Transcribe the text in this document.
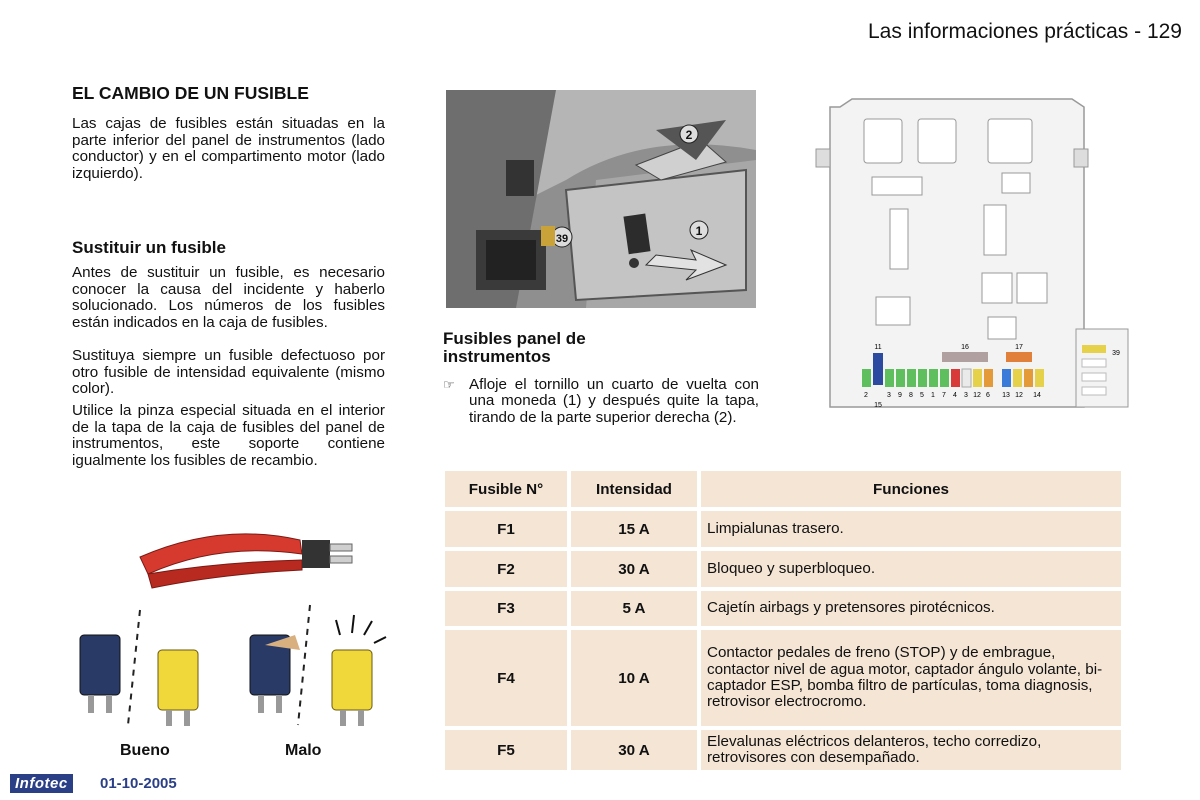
Las informaciones prácticas - 129
EL CAMBIO DE UN FUSIBLE
Las cajas de fusibles están situadas en la parte inferior del panel de instrumentos (lado conductor) y en el compartimento motor (lado izquierdo).
Sustituir un fusible
Antes de sustituir un fusible, es necesario conocer la causa del incidente y haberlo solucionado. Los números de los fusibles están indicados en la caja de fusibles.
Sustituya siempre un fusible defectuoso por otro fusible de intensidad equivalente (mismo color).
Utilice la pinza especial situada en el interior de la tapa de la caja de fusibles del panel de instrumentos, este soporte contiene igualmente los fusibles de recambio.
2
1
39
16	17
11
2	3 9 8 5 1 7 4 3 12 6 13 12 14
15
39
Fusibles panel de instrumentos
☞ Afloje el tornillo un cuarto de vuelta con una moneda (1) y después quite la tapa, tirando de la parte superior derecha (2).
Fusible N°	Intensidad	Funciones
F1	15 A	Limpialunas trasero.
F2	30 A	Bloqueo y superbloqueo.
F3	5 A	Cajetín airbags y pretensores pirotécnicos.
F4	10 A	Contactor pedales de freno (STOP) y de embrague, contactor nivel de agua motor, captador ángulo volante, bi-captador ESP, bomba filtro de partículas, toma diagnosis, retrovisor electrocromo.
F5	30 A	Elevalunas eléctricos delanteros, techo corredizo, retrovisores con desempañado.
Bueno	Malo
Infotec	01-10-2005
